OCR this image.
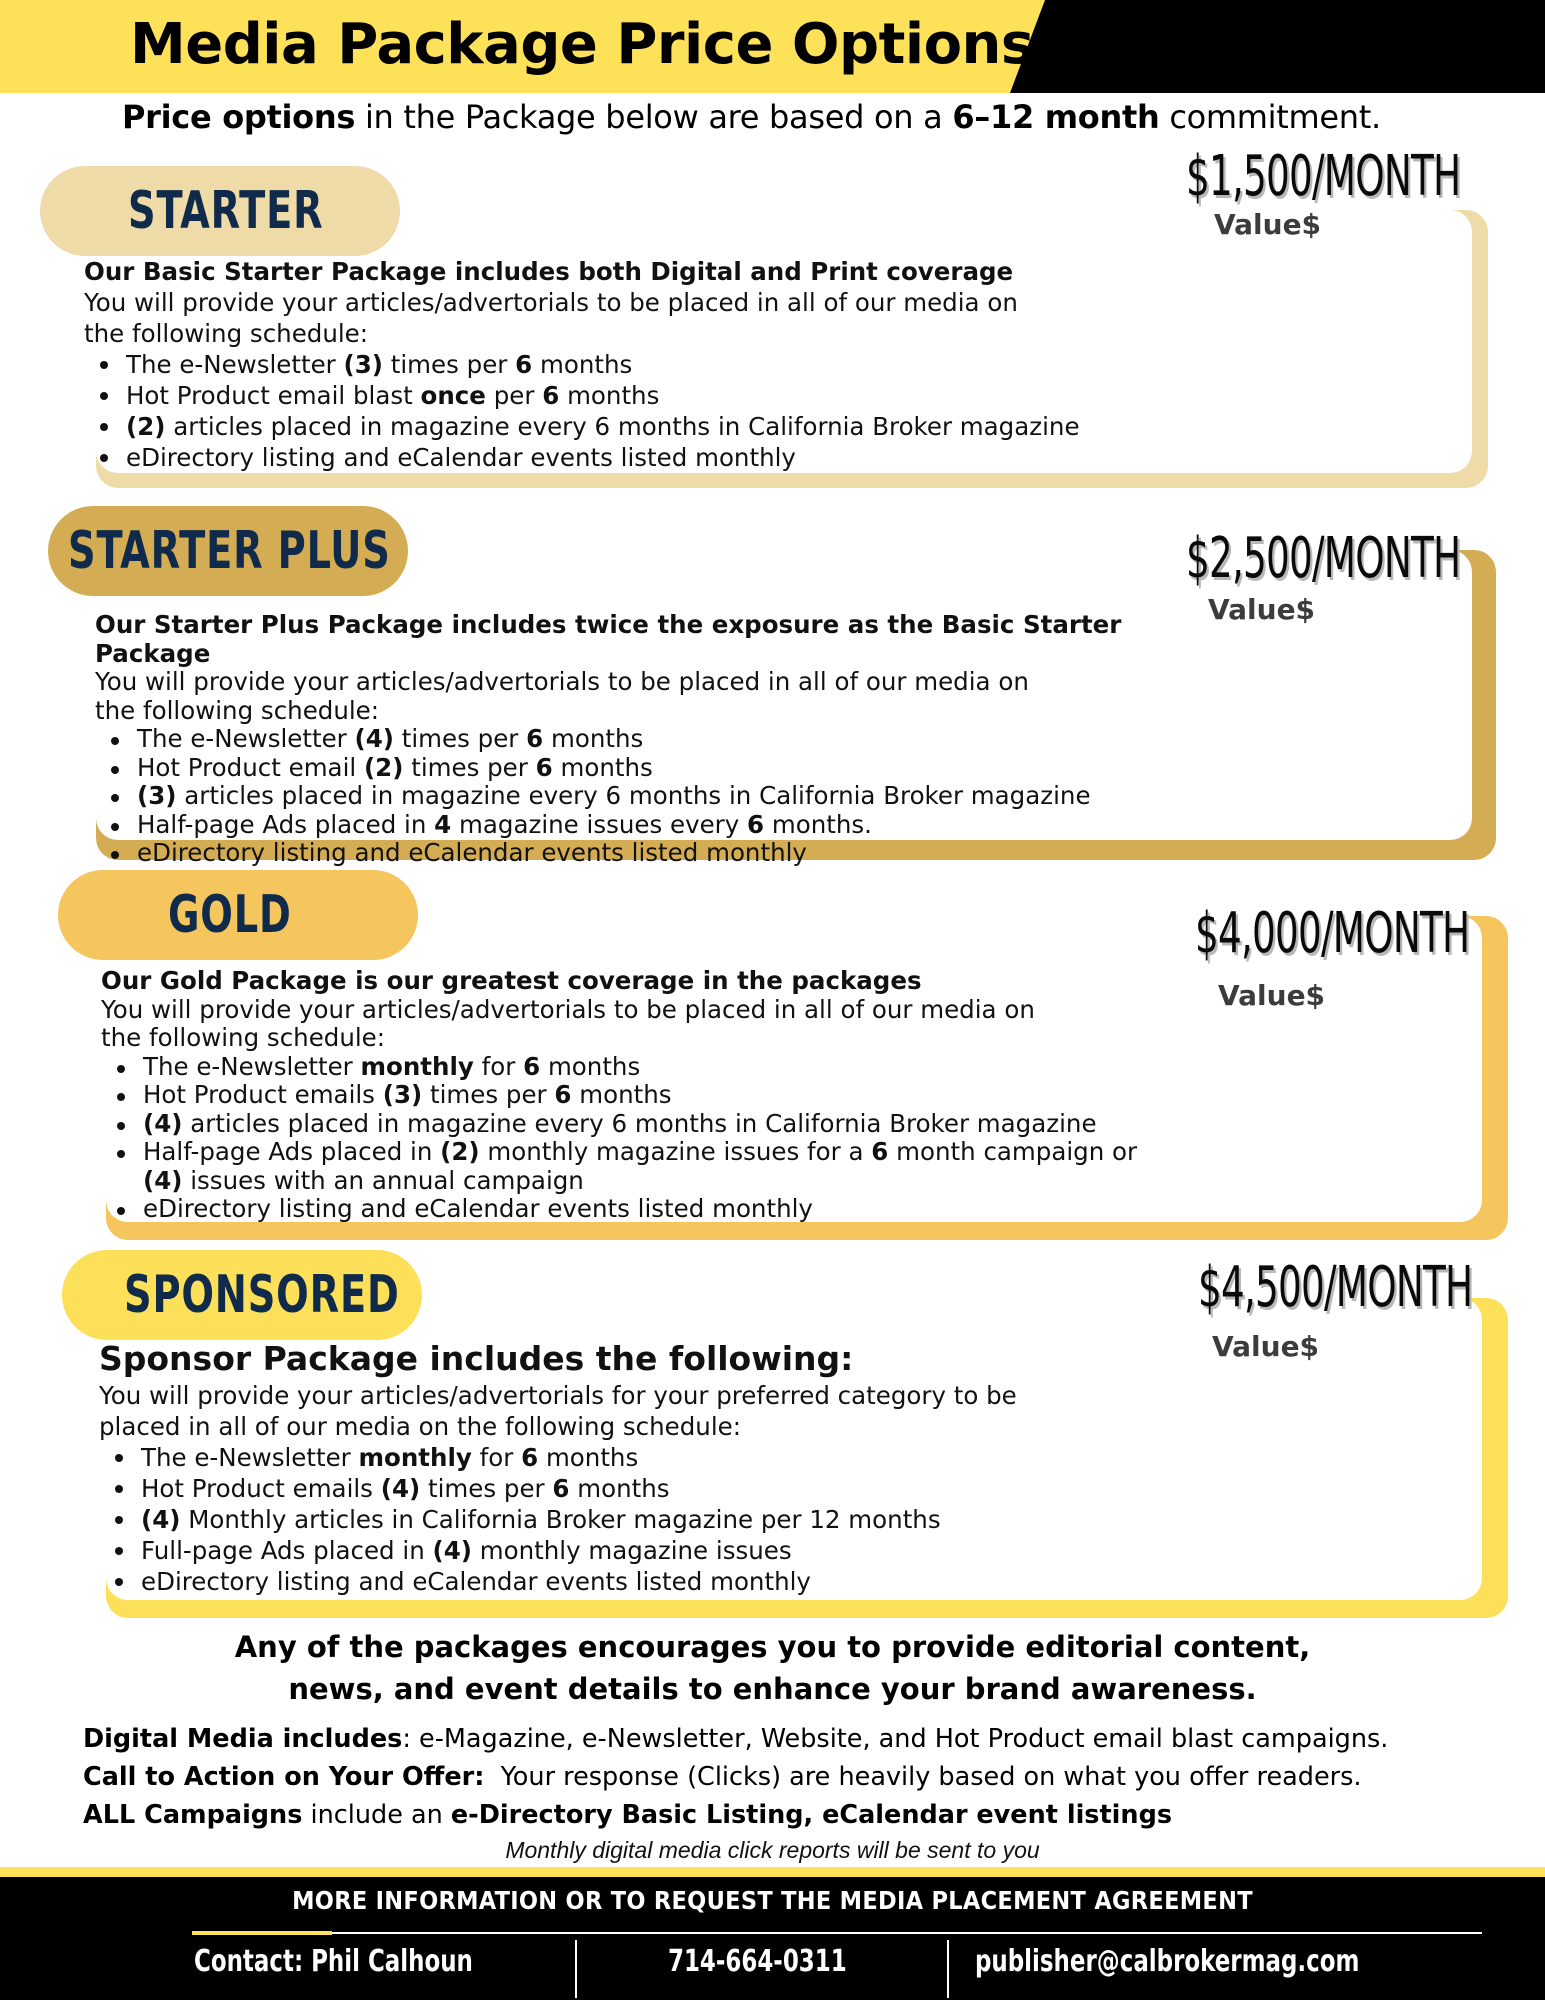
Media Package Price Options
Price options in the Package below are based on a 6–12 month commitment.
STARTER
$1,500/MONTH
Value$
Our Basic Starter Package includes both Digital and Print coverage
You will provide your articles/advertorials to be placed in all of our media on the following schedule:
The e-Newsletter (3) times per 6 months
Hot Product email blast once per 6 months
(2) articles placed in magazine every 6 months in California Broker magazine
eDirectory listing and eCalendar events listed monthly
STARTER PLUS	$2,500/MONTH
Value$
Our Starter Plus Package includes twice the exposure as the Basic Starter Package
You will provide your articles/advertorials to be placed in all of our media on the following schedule:
The e-Newsletter (4) times per 6 months
Hot Product email (2) times per 6 months
(3) articles placed in magazine every 6 months in California Broker magazine
Half-page Ads placed in 4 magazine issues every 6 months.
eDirectory listing and eCalendar events listed monthly
GOLD	$4,000/MONTH
Value$
Our Gold Package is our greatest coverage in the packages
You will provide your articles/advertorials to be placed in all of our media on the following schedule:
The e-Newsletter monthly for 6 months
Hot Product emails (3) times per 6 months
(4) articles placed in magazine every 6 months in California Broker magazine
Half-page Ads placed in (2) monthly magazine issues for a 6 month campaign or
(4) issues with an annual campaign
eDirectory listing and eCalendar events listed monthly
SPONSORED	$4,500/MONTH
Value$
Sponsor Package includes the following:
You will provide your articles/advertorials for your preferred category to be placed in all of our media on the following schedule:
The e-Newsletter monthly for 6 months
Hot Product emails (4) times per 6 months
(4) Monthly articles in California Broker magazine per 12 months
Full-page Ads placed in (4) monthly magazine issues
eDirectory listing and eCalendar events listed monthly
Any of the packages encourages you to provide editorial content,
news, and event details to enhance your brand awareness.
Digital Media includes: e-Magazine, e-Newsletter, Website, and Hot Product email blast campaigns.
Call to Action on Your Offer:  Your response (Clicks) are heavily based on what you offer readers.
ALL Campaigns include an e-Directory Basic Listing, eCalendar event listings
Monthly digital media click reports will be sent to you
MORE INFORMATION OR TO REQUEST THE MEDIA PLACEMENT AGREEMENT
Contact: Phil Calhoun	714-664-0311	publisher@calbrokermag.com
